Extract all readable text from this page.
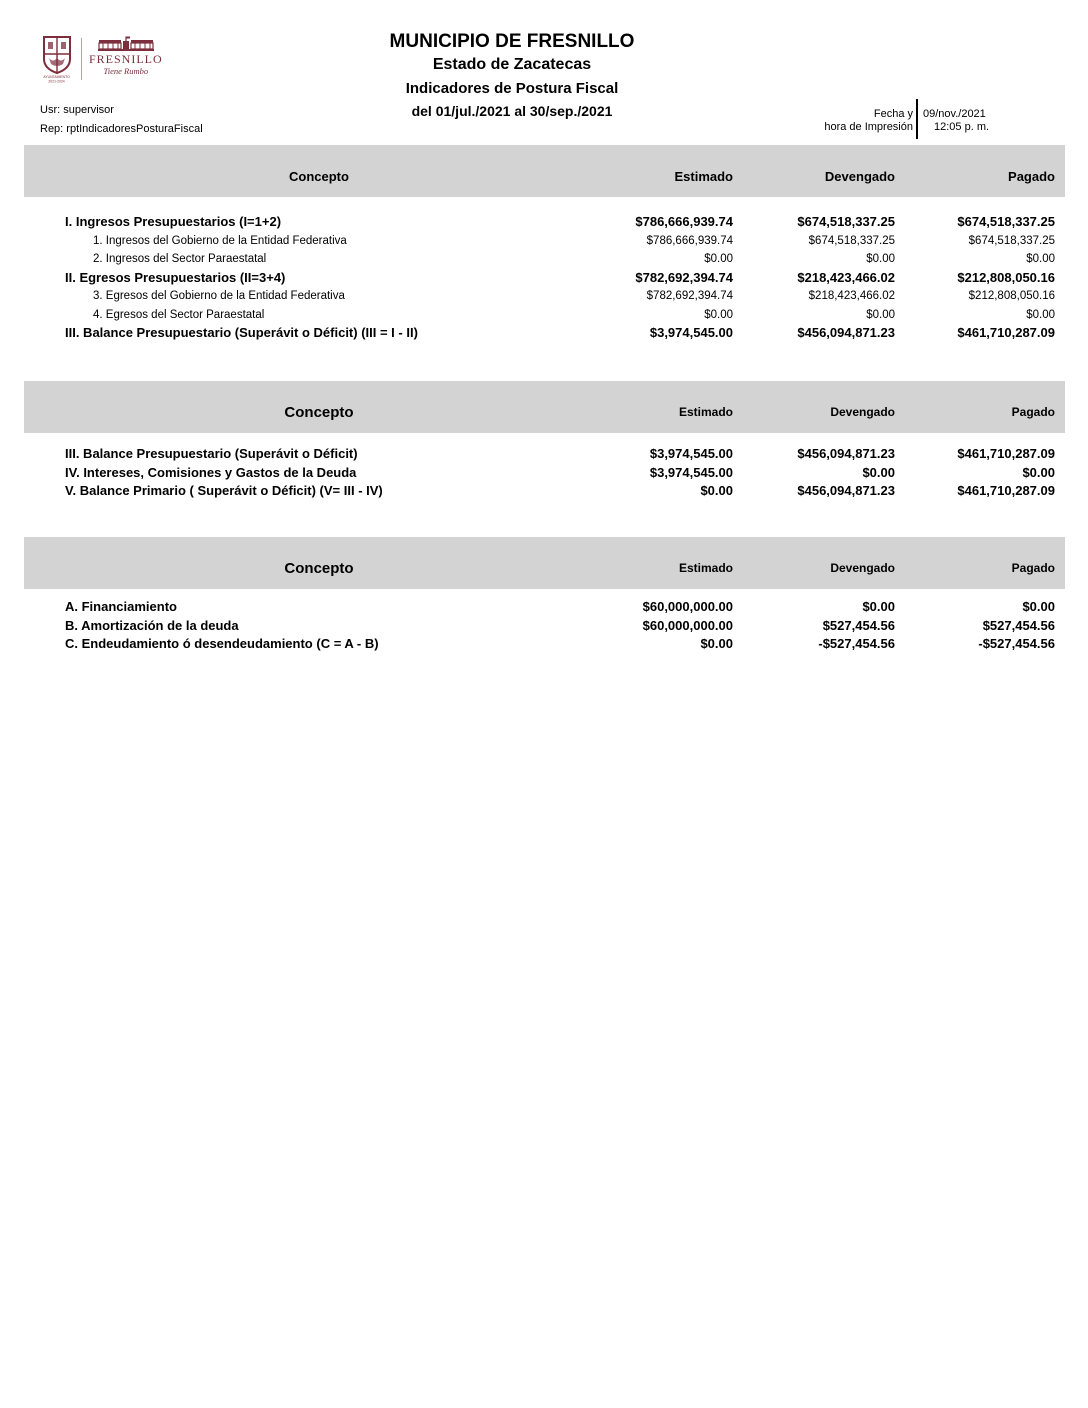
AYUNTAMIENTO
2021-2024
FRESNILLO
Tiene Rumbo
MUNICIPIO DE FRESNILLO
Estado de Zacatecas
Indicadores de Postura Fiscal
del 01/jul./2021 al 30/sep./2021
Usr: supervisor
Rep: rptIndicadoresPosturaFiscal
Fecha y
hora de Impresión
09/nov./2021
12:05 p. m.
Concepto	Estimado	Devengado	Pagado
I. Ingresos Presupuestarios (I=1+2)	$786,666,939.74	$674,518,337.25	$674,518,337.25
1. Ingresos del Gobierno de la Entidad Federativa	$786,666,939.74	$674,518,337.25	$674,518,337.25
2. Ingresos del Sector Paraestatal	$0.00	$0.00	$0.00
II. Egresos Presupuestarios (II=3+4)	$782,692,394.74	$218,423,466.02	$212,808,050.16
3. Egresos del Gobierno de la Entidad Federativa	$782,692,394.74	$218,423,466.02	$212,808,050.16
4. Egresos del Sector Paraestatal	$0.00	$0.00	$0.00
III. Balance Presupuestario (Superávit o Déficit) (III = I - II)	$3,974,545.00	$456,094,871.23	$461,710,287.09
Concepto	Estimado	Devengado	Pagado
III. Balance Presupuestario (Superávit o Déficit)	$3,974,545.00	$456,094,871.23	$461,710,287.09
IV. Intereses, Comisiones y Gastos de la Deuda	$3,974,545.00	$0.00	$0.00
V. Balance Primario ( Superávit o Déficit) (V= III - IV)	$0.00	$456,094,871.23	$461,710,287.09
Concepto	Estimado	Devengado	Pagado
A. Financiamiento	$60,000,000.00	$0.00	$0.00
B. Amortización de la deuda	$60,000,000.00	$527,454.56	$527,454.56
C. Endeudamiento ó desendeudamiento (C = A - B)	$0.00	-$527,454.56	-$527,454.56
